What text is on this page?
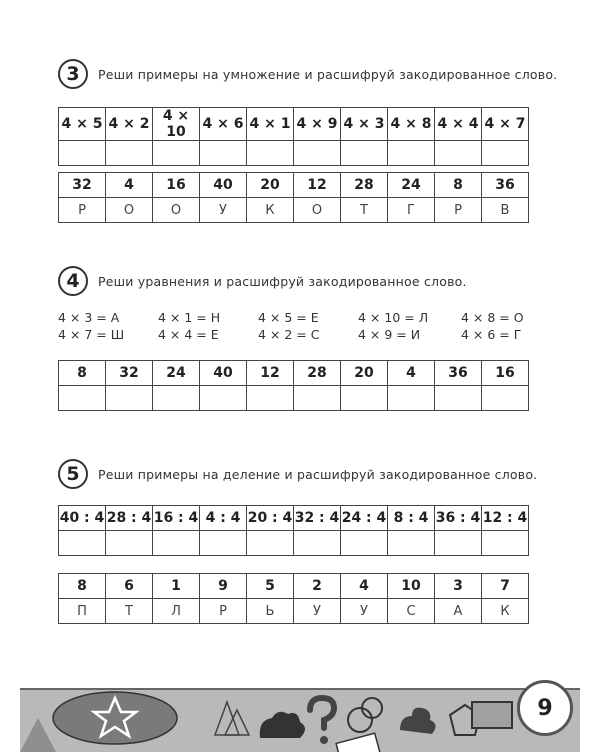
3	Реши примеры на умножение и расшифруй закодированное слово.
4 × 5	4 × 2	4 × 10	4 × 6	4 × 1	4 × 9	4 × 3	4 × 8	4 × 4	4 × 7

32	4	16	40	20	12	28	24	8	36
Р	О	О	У	К	О	Т	Г	Р	В
4	Реши уравнения и расшифруй закодированное слово.
4 × 3 = А	4 × 1 = Н	4 × 5 = Е	4 × 10 = Л	4 × 8 = О
4 × 7 = Ш	4 × 4 = Е	4 × 2 = С	4 × 9 = И	4 × 6 = Г
8	32	24	40	12	28	20	4	36	16

5	Реши примеры на деление и расшифруй закодированное слово.
40 : 4	28 : 4	16 : 4	4 : 4	20 : 4	32 : 4	24 : 4	8 : 4	36 : 4	12 : 4

8	6	1	9	5	2	4	10	3	7
П	Т	Л	Р	Ь	У	У	С	А	К
9
